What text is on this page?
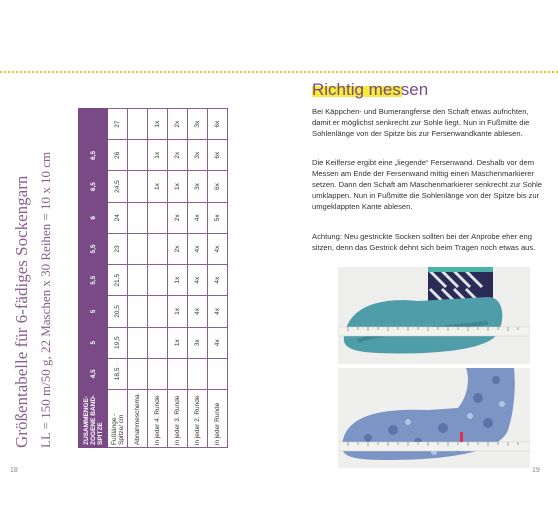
Größentabelle für 6-fädiges Sockengarn LL = 150 m/50 g, 22 Maschen x 30 Reihen = 10 x 10 cm	ZUSAMMENGE-ZOGENE BAND-SPITZE	4,5	5	5	5,5	5,5	6	6,5	6,5	
Fußlänge - Spitze/ cm	18,5	19,5	20,5	21,5	23	24	24,5	26	27
Abnahmeschema									
in jeder 4. Runde							1x	1x	1x
in jeder 3. Runde		1x	1x	1x	2x	2x	1x	2x	2x
in jeder 2. Runde		3x	4x	4x	4x	4x	3x	3x	3x
in jeder Runde		4x	4x	4x	4x	5x	6x	6x	6x
18
Richtig messen

Bei Käppchen- und Bumerangferse den Schaft etwas aufrichten, damit er möglichst senkrecht zur Sohle liegt. Nun in Fußmitte die Sohlenlänge von der Spitze bis zur Fersenwandkante ablesen.

Die Keilferse ergibt eine „liegende“ Fersenwand. Deshalb vor dem Messen am Ende der Fersenwand mittig einen Maschenmarkierer setzen. Dann den Schaft am Maschenmarkierer senkrecht zur Sohle umklappen. Nun in Fußmitte die Sohlenlänge von der Spitze bis zur umgeklappten Kante ablesen.

Achtung: Neu gestrickte Socken sollten bei der Anprobe eher eng sitzen, denn das Gestrick dehnt sich beim Tragen noch etwas aus.

19
